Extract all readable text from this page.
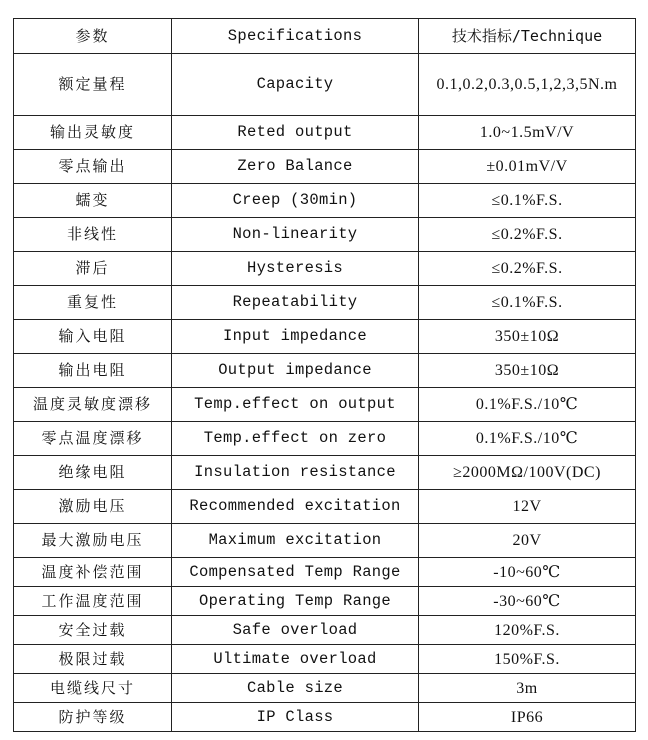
参数	Specifications	技术指标/Technique
额定量程	Capacity	0.1,0.2,0.3,0.5,1,2,3,5N.m
输出灵敏度	Reted output	1.0~1.5mV/V
零点输出	Zero Balance	±0.01mV/V
蠕变	Creep (30min)	≤0.1%F.S.
非线性	Non-linearity	≤0.2%F.S.
滞后	Hysteresis	≤0.2%F.S.
重复性	Repeatability	≤0.1%F.S.
输入电阻	Input impedance	350±10Ω
输出电阻	Output impedance	350±10Ω
温度灵敏度漂移	Temp.effect on output	0.1%F.S./10℃
零点温度漂移	Temp.effect on zero	0.1%F.S./10℃
绝缘电阻	Insulation resistance	≥2000MΩ/100V(DC)
激励电压	Recommended excitation	12V
最大激励电压	Maximum excitation	20V
温度补偿范围	Compensated Temp Range	-10~60℃
工作温度范围	Operating Temp Range	-30~60℃
安全过载	Safe overload	120%F.S.
极限过载	Ultimate overload	150%F.S.
电缆线尺寸	Cable size	3m
防护等级	IP Class	IP66
